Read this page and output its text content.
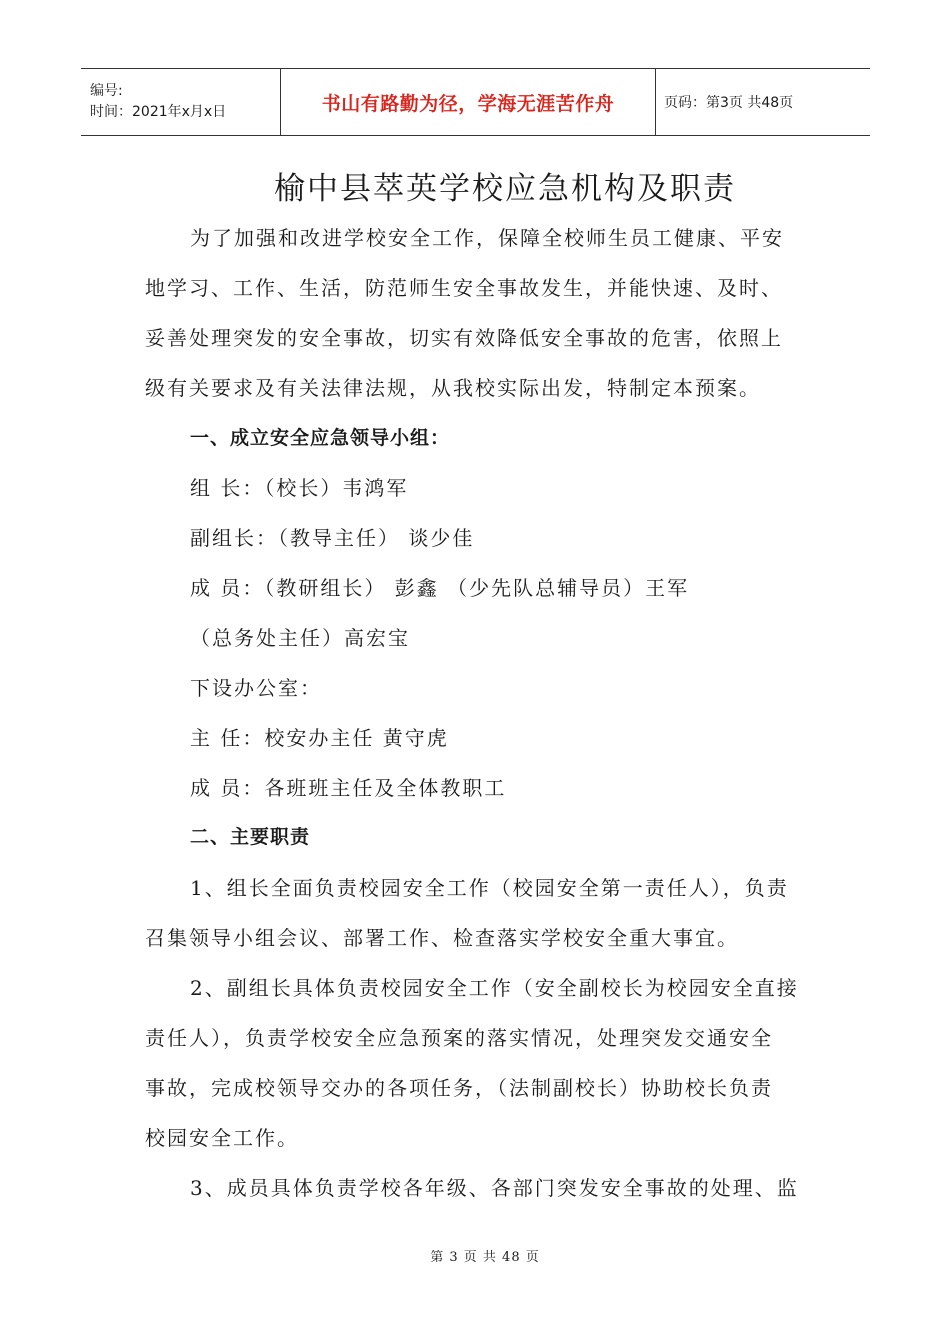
编号:
时间：2021年x月x日	书山有路勤为径，学海无涯苦作舟	页码：第3页 共48页
榆中县萃英学校应急机构及职责
为了加强和改进学校安全工作，保障全校师生员工健康、平安
地学习、工作、生活，防范师生安全事故发生，并能快速、及时、
妥善处理突发的安全事故，切实有效降低安全事故的危害，依照上
级有关要求及有关法律法规，从我校实际出发，特制定本预案。
一、成立安全应急领导小组：
组 长：（校长）韦鸿军
副组长：（教导主任） 谈少佳
成 员：（教研组长） 彭鑫 （少先队总辅导员）王军
（总务处主任）高宏宝
下设办公室：
主 任：校安办主任 黄守虎
成 员：各班班主任及全体教职工
二、主要职责
1、组长全面负责校园安全工作（校园安全第一责任人），负责
召集领导小组会议、部署工作、检查落实学校安全重大事宜。
2、副组长具体负责校园安全工作（安全副校长为校园安全直接
责任人），负责学校安全应急预案的落实情况，处理突发交通安全
事故，完成校领导交办的各项任务，（法制副校长）协助校长负责
校园安全工作。
3、成员具体负责学校各年级、各部门突发安全事故的处理、监
第 3 页 共 48 页
